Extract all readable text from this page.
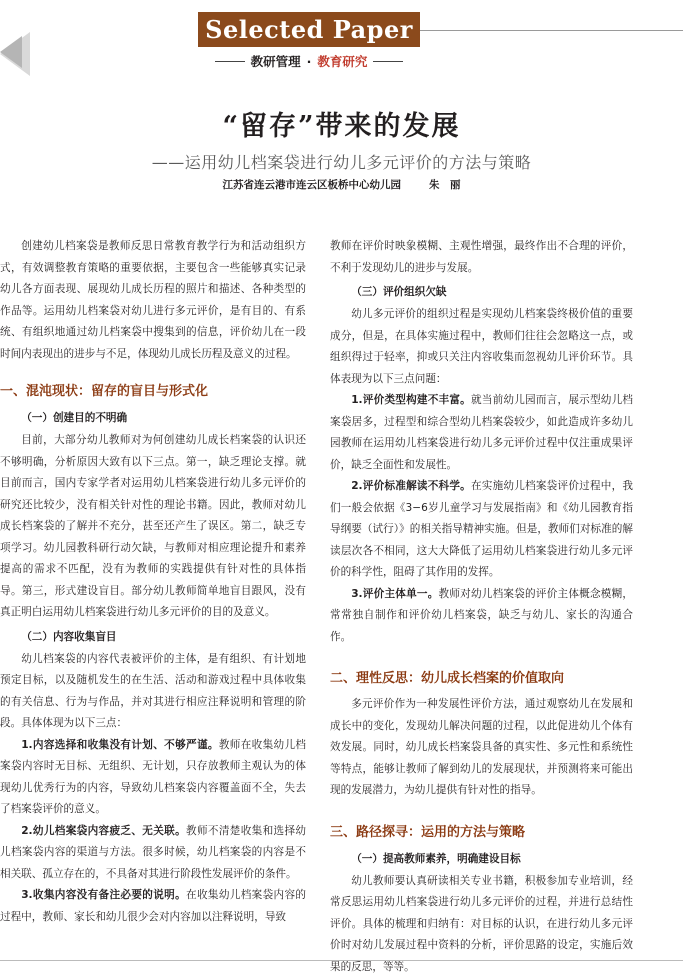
Selected Paper
教研管理 · 教育研究
“留存”带来的发展
——运用幼儿档案袋进行幼儿多元评价的方法与策略
江苏省连云港市连云区板桥中心幼儿园	朱　丽

创建幼儿档案袋是教师反思日常教育教学行为和活动组织方式，有效调整教育策略的重要依据，主要包含一些能够真实记录幼儿各方面表现、展现幼儿成长历程的照片和描述、各种类型的作品等。运用幼儿档案袋对幼儿进行多元评价，是有目的、有系统、有组织地通过幼儿档案袋中搜集到的信息，评价幼儿在一段时间内表现出的进步与不足，体现幼儿成长历程及意义的过程。

一、混沌现状：留存的盲目与形式化
（一）创建目的不明确

目前，大部分幼儿教师对为何创建幼儿成长档案袋的认识还不够明确，分析原因大致有以下三点。第一，缺乏理论支撑。就目前而言，国内专家学者对运用幼儿档案袋进行幼儿多元评价的研究还比较少，没有相关针对性的理论书籍。因此，教师对幼儿成长档案袋的了解并不充分，甚至还产生了误区。第二，缺乏专项学习。幼儿园教科研行动欠缺，与教师对相应理论提升和素养提高的需求不匹配，没有为教师的实践提供有针对性的具体指导。第三，形式建设盲目。部分幼儿教师简单地盲目跟风，没有真正明白运用幼儿档案袋进行幼儿多元评价的目的及意义。

（二）内容收集盲目

幼儿档案袋的内容代表被评价的主体，是有组织、有计划地预定目标，以及随机发生的在生活、活动和游戏过程中具体收集的有关信息、行为与作品，并对其进行相应注释说明和管理的阶段。具体体现为以下三点：

1.内容选择和收集没有计划、不够严谨。教师在收集幼儿档案袋内容时无目标、无组织、无计划，只存放教师主观认为的体现幼儿优秀行为的内容，导致幼儿档案袋内容覆盖面不全，失去了档案袋评价的意义。

2.幼儿档案袋内容疲乏、无关联。教师不清楚收集和选择幼儿档案袋内容的渠道与方法。很多时候，幼儿档案袋的内容是不相关联、孤立存在的，不具备对其进行阶段性发展评价的条件。

3.收集内容没有备注必要的说明。在收集幼儿档案袋内容的过程中，教师、家长和幼儿很少会对内容加以注释说明，导致

教师在评价时映象模糊、主观性增强，最终作出不合理的评价，不利于发现幼儿的进步与发展。

（三）评价组织欠缺

幼儿多元评价的组织过程是实现幼儿档案袋终极价值的重要成分，但是，在具体实施过程中，教师们往往会忽略这一点，或组织得过于轻率，抑或只关注内容收集而忽视幼儿评价环节。具体表现为以下三点问题：

1.评价类型构建不丰富。就当前幼儿园而言，展示型幼儿档案袋居多，过程型和综合型幼儿档案袋较少，如此造成许多幼儿园教师在运用幼儿档案袋进行幼儿多元评价过程中仅注重成果评价，缺乏全面性和发展性。

2.评价标准解读不科学。在实施幼儿档案袋评价过程中，我们一般会依据《3−6岁儿童学习与发展指南》和《幼儿园教育指导纲要（试行）》的相关指导精神实施。但是，教师们对标准的解读层次各不相同，这大大降低了运用幼儿档案袋进行幼儿多元评价的科学性，阻碍了其作用的发挥。

3.评价主体单一。教师对幼儿档案袋的评价主体概念模糊，常常独自制作和评价幼儿档案袋，缺乏与幼儿、家长的沟通合作。

二、理性反思：幼儿成长档案的价值取向

多元评价作为一种发展性评价方法，通过观察幼儿在发展和成长中的变化，发现幼儿解决问题的过程，以此促进幼儿个体有效发展。同时，幼儿成长档案袋具备的真实性、多元性和系统性等特点，能够让教师了解到幼儿的发展现状，并预测将来可能出现的发展潜力，为幼儿提供有针对性的指导。

三、路径探寻：运用的方法与策略
（一）提高教师素养，明确建设目标

幼儿教师要认真研读相关专业书籍，积极参加专业培训，经常反思运用幼儿档案袋进行幼儿多元评价的过程，并进行总结性评价。具体的梳理和归纳有：对目标的认识，在进行幼儿多元评价时对幼儿发展过程中资料的分析，评价思路的设定，实施后效果的反思，等等。
